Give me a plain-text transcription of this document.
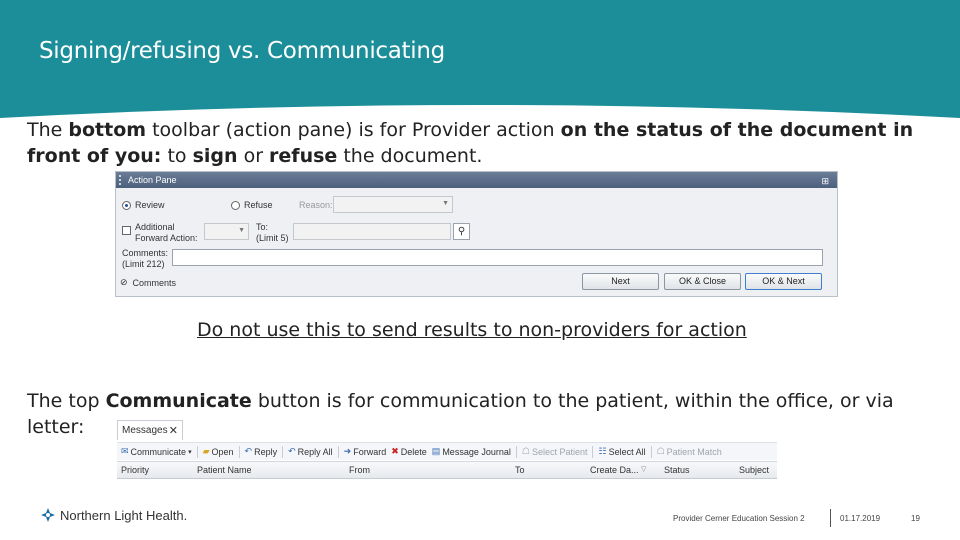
Signing/refusing vs. Communicating
The bottom toolbar (action pane) is for Provider action on the status of the document in front of you: to sign or refuse the document.
Action Pane	⊞
Review	Refuse	Reason:	▼
Additional
Forward Action:
▼ To:
(Limit 5)
⚲
Comments:
(Limit 212)
⊘ Comments	Next	OK & Close	OK & Next
Do not use this to send results to non-providers for action
The top Communicate button is for communication to the patient, within the office, or via letter:	Messages ✕
✉ Communicate ▾ ▰ Open ↶ Reply ↶ Reply All ➜ Forward ✖ Delete ▤ Message Journal ☖ Select Patient ☷ Select All ☖ Patient Match
Priority	Patient Name	From	To	Create Da... ▽ Status	Subject
Northern Light Health.	Provider Cerner Education Session 2	01.17.2019	19
